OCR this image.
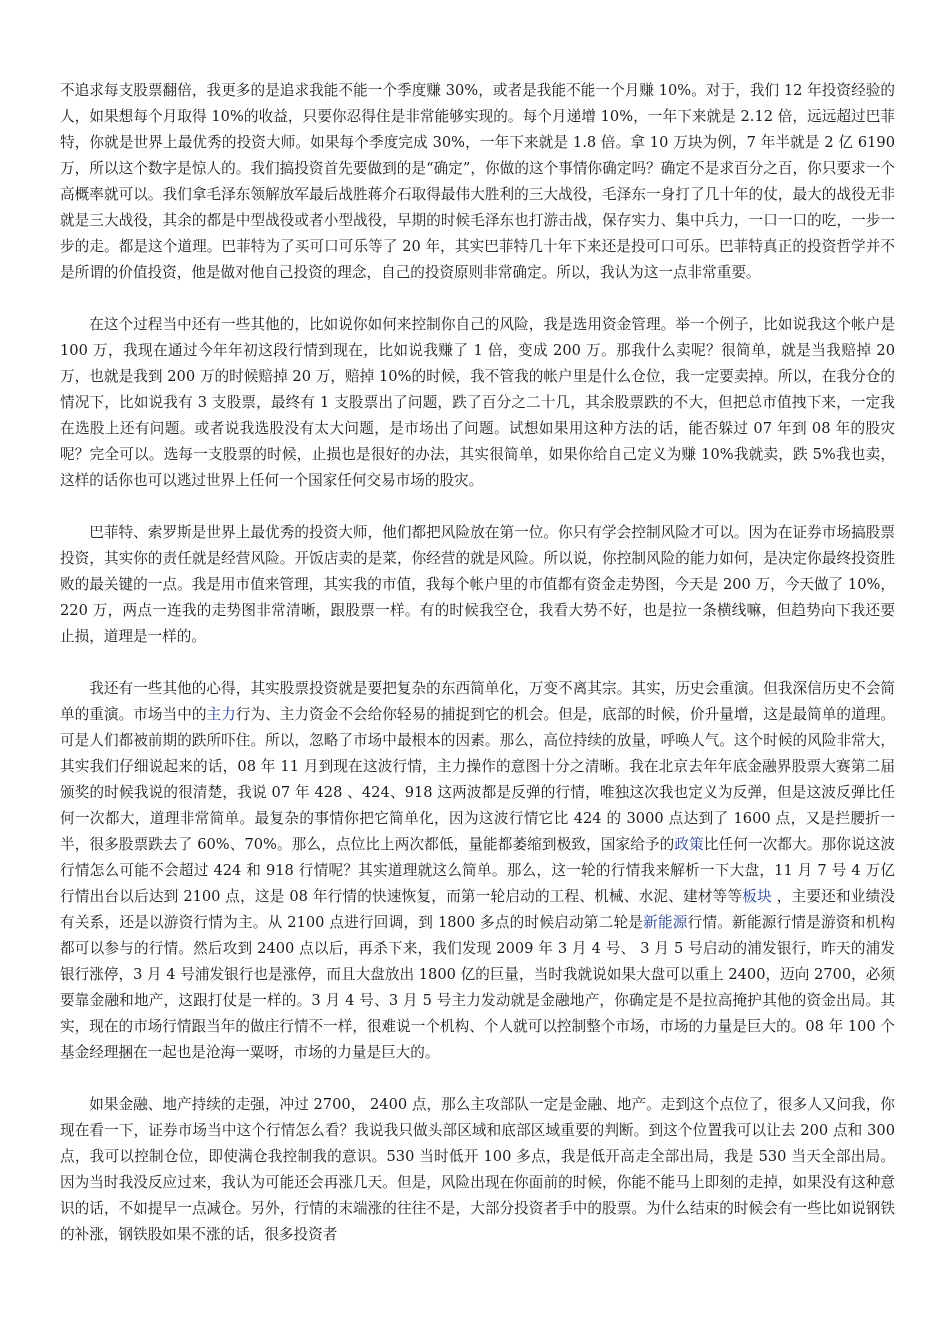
不追求每支股票翻倍，我更多的是追求我能不能一个季度赚 30%，或者是我能不能一个月赚 10%。对于，我们 12 年投资经验的人，如果想每个月取得 10%的收益，只要你忍得住是非常能够实现的。每个月递增 10%，一年下来就是 2.12 倍，远远超过巴菲特，你就是世界上最优秀的投资大师。如果每个季度完成 30%，一年下来就是 1.8 倍。拿 10 万块为例，7 年半就是 2 亿 6190 万，所以这个数字是惊人的。我们搞投资首先要做到的是“确定”，你做的这个事情你确定吗？确定不是求百分之百，你只要求一个高概率就可以。我们拿毛泽东领解放军最后战胜蒋介石取得最伟大胜利的三大战役，毛泽东一身打了几十年的仗，最大的战役无非就是三大战役，其余的都是中型战役或者小型战役，早期的时候毛泽东也打游击战，保存实力、集中兵力，一口一口的吃，一步一步的走。都是这个道理。巴菲特为了买可口可乐等了 20 年，其实巴菲特几十年下来还是投可口可乐。巴菲特真正的投资哲学并不是所谓的价值投资，他是做对他自己投资的理念，自己的投资原则非常确定。所以，我认为这一点非常重要。

在这个过程当中还有一些其他的，比如说你如何来控制你自己的风险，我是选用资金管理。举一个例子，比如说我这个帐户是 100 万，我现在通过今年年初这段行情到现在，比如说我赚了 1 倍，变成 200 万。那我什么卖呢？很简单，就是当我赔掉 20 万，也就是我到 200 万的时候赔掉 20 万，赔掉 10%的时候，我不管我的帐户里是什么仓位，我一定要卖掉。所以，在我分仓的情况下，比如说我有 3 支股票，最终有 1 支股票出了问题，跌了百分之二十几，其余股票跌的不大，但把总市值拽下来，一定我在选股上还有问题。或者说我选股没有太大问题，是市场出了问题。试想如果用这种方法的话，能否躲过 07 年到 08 年的股灾呢？完全可以。选每一支股票的时候，止损也是很好的办法，其实很简单，如果你给自己定义为赚 10%我就卖，跌 5%我也卖，这样的话你也可以逃过世界上任何一个国家任何交易市场的股灾。

巴菲特、索罗斯是世界上最优秀的投资大师，他们都把风险放在第一位。你只有学会控制风险才可以。因为在证券市场搞股票投资，其实你的责任就是经营风险。开饭店卖的是菜，你经营的就是风险。所以说，你控制风险的能力如何，是决定你最终投资胜败的最关键的一点。我是用市值来管理，其实我的市值，我每个帐户里的市值都有资金走势图，今天是 200 万，今天做了 10%，220 万，两点一连我的走势图非常清晰，跟股票一样。有的时候我空仓，我看大势不好，也是拉一条横线嘛，但趋势向下我还要止损，道理是一样的。

我还有一些其他的心得，其实股票投资就是要把复杂的东西简单化，万变不离其宗。其实，历史会重演。但我深信历史不会简单的重演。市场当中的主力行为、主力资金不会给你轻易的捕捉到它的机会。但是，底部的时候，价升量增，这是最简单的道理。可是人们都被前期的跌所吓住。所以，忽略了市场中最根本的因素。那么，高位持续的放量，呼唤人气。这个时候的风险非常大，其实我们仔细说起来的话，08 年 11 月到现在这波行情，主力操作的意图十分之清晰。我在北京去年年底金融界股票大赛第二届颁奖的时候我说的很清楚，我说 07 年 428 、424、918 这两波都是反弹的行情，唯独这次我也定义为反弹，但是这波反弹比任何一次都大，道理非常简单。最复杂的事情你把它简单化，因为这波行情它比 424 的 3000 点达到了 1600 点，又是拦腰折一半，很多股票跌去了 60%、70%。那么，点位比上两次都低，量能都萎缩到极致，国家给予的政策比任何一次都大。那你说这波行情怎么可能不会超过 424 和 918 行情呢？其实道理就这么简单。那么，这一轮的行情我来解析一下大盘，11 月 7 号 4 万亿行情出台以后达到 2100 点，这是 08 年行情的快速恢复，而第一轮启动的工程、机械、水泥、建材等等板块 ，主要还和业绩没有关系，还是以游资行情为主。从 2100 点进行回调，到 1800 多点的时候启动第二轮是新能源行情。新能源行情是游资和机构都可以参与的行情。然后攻到 2400 点以后，再杀下来，我们发现 2009 年 3 月 4 号、 3 月 5 号启动的浦发银行，昨天的浦发银行涨停，3 月 4 号浦发银行也是涨停，而且大盘放出 1800 亿的巨量，当时我就说如果大盘可以重上 2400，迈向 2700，必须要靠金融和地产，这跟打仗是一样的。3 月 4 号、3 月 5 号主力发动就是金融地产，你确定是不是拉高掩护其他的资金出局。其实，现在的市场行情跟当年的做庄行情不一样，很难说一个机构、个人就可以控制整个市场，市场的力量是巨大的。08 年 100 个基金经理捆在一起也是沧海一粟呀，市场的力量是巨大的。

如果金融、地产持续的走强，冲过 2700， 2400 点，那么主攻部队一定是金融、地产。走到这个点位了，很多人又问我，你现在看一下，证券市场当中这个行情怎么看？我说我只做头部区域和底部区域重要的判断。到这个位置我可以让去 200 点和 300 点，我可以控制仓位，即使满仓我控制我的意识。530 当时低开 100 多点，我是低开高走全部出局，我是 530 当天全部出局。因为当时我没反应过来，我认为可能还会再涨几天。但是，风险出现在你面前的时候，你能不能马上即刻的走掉，如果没有这种意识的话，不如提早一点减仓。另外，行情的末端涨的往往不是，大部分投资者手中的股票。为什么结束的时候会有一些比如说钢铁的补涨，钢铁股如果不涨的话，很多投资者
